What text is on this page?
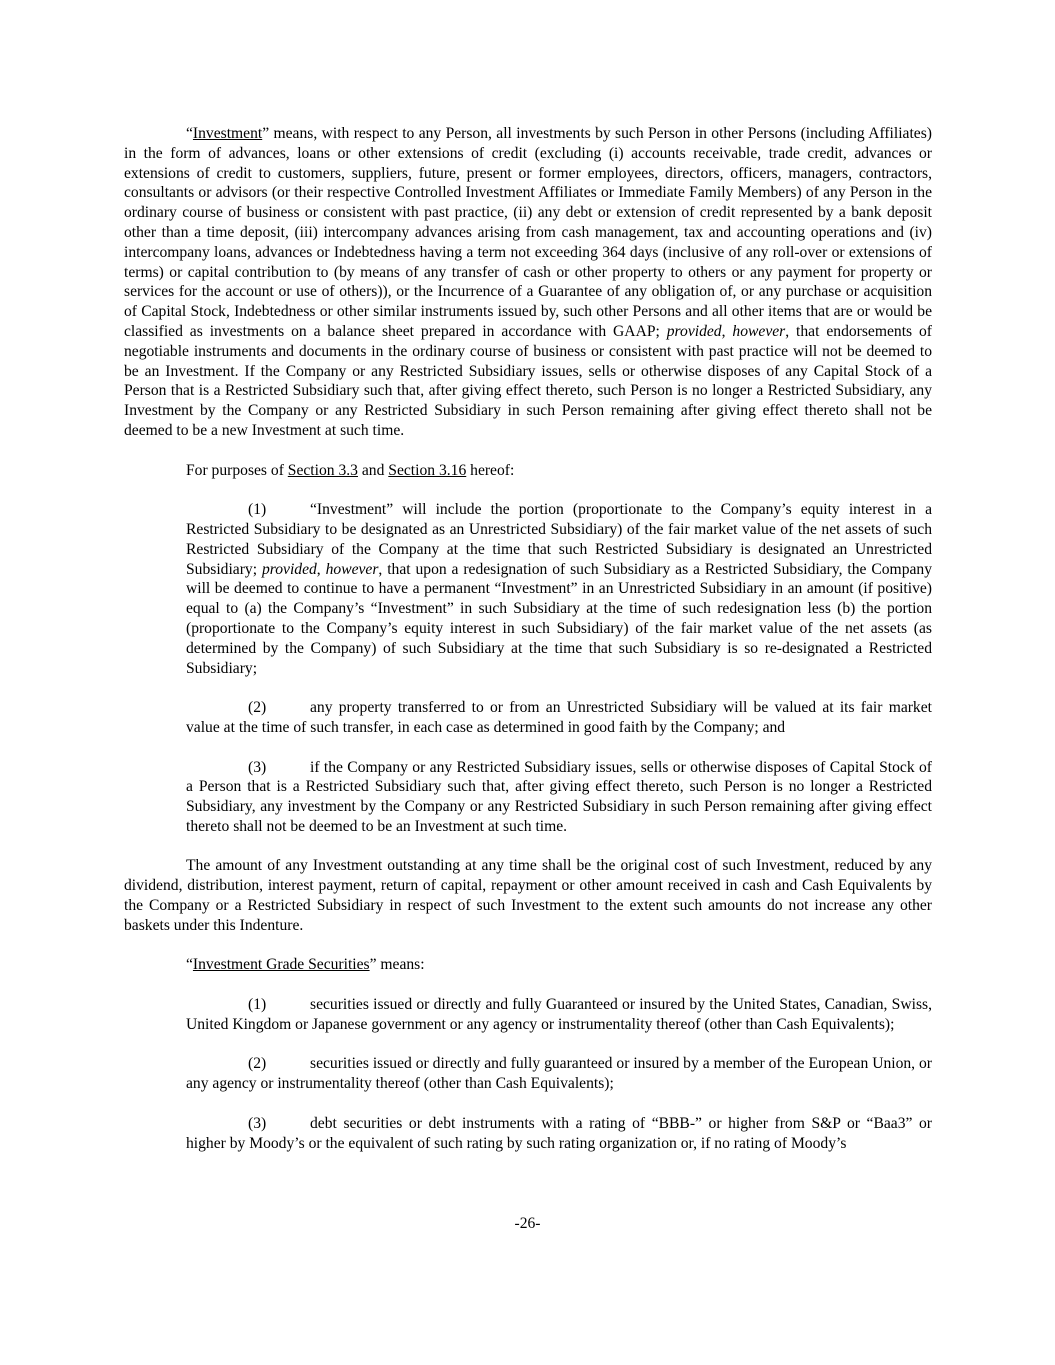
“Investment” means, with respect to any Person, all investments by such Person in other Persons (including Affiliates) in the form of advances, loans or other extensions of credit (excluding (i) accounts receivable, trade credit, advances or extensions of credit to customers, suppliers, future, present or former employees, directors, officers, managers, contractors, consultants or advisors (or their respective Controlled Investment Affiliates or Immediate Family Members) of any Person in the ordinary course of business or consistent with past practice, (ii) any debt or extension of credit represented by a bank deposit other than a time deposit, (iii) intercompany advances arising from cash management, tax and accounting operations and (iv) intercompany loans, advances or Indebtedness having a term not exceeding 364 days (inclusive of any roll-over or extensions of terms) or capital contribution to (by means of any transfer of cash or other property to others or any payment for property or services for the account or use of others)), or the Incurrence of a Guarantee of any obligation of, or any purchase or acquisition of Capital Stock, Indebtedness or other similar instruments issued by, such other Persons and all other items that are or would be classified as investments on a balance sheet prepared in accordance with GAAP; provided, however, that endorsements of negotiable instruments and documents in the ordinary course of business or consistent with past practice will not be deemed to be an Investment. If the Company or any Restricted Subsidiary issues, sells or otherwise disposes of any Capital Stock of a Person that is a Restricted Subsidiary such that, after giving effect thereto, such Person is no longer a Restricted Subsidiary, any Investment by the Company or any Restricted Subsidiary in such Person remaining after giving effect thereto shall not be deemed to be a new Investment at such time.

For purposes of Section 3.3 and Section 3.16 hereof:

(1)	“Investment” will include the portion (proportionate to the Company’s equity interest in a Restricted Subsidiary to be designated as an Unrestricted Subsidiary) of the fair market value of the net assets of such Restricted Subsidiary of the Company at the time that such Restricted Subsidiary is designated an Unrestricted Subsidiary; provided, however, that upon a redesignation of such Subsidiary as a Restricted Subsidiary, the Company will be deemed to continue to have a permanent “Investment” in an Unrestricted Subsidiary in an amount (if positive) equal to (a) the Company’s “Investment” in such Subsidiary at the time of such redesignation less (b) the portion (proportionate to the Company’s equity interest in such Subsidiary) of the fair market value of the net assets (as determined by the Company) of such Subsidiary at the time that such Subsidiary is so re-designated a Restricted Subsidiary;

(2)	any property transferred to or from an Unrestricted Subsidiary will be valued at its fair market value at the time of such transfer, in each case as determined in good faith by the Company; and

(3)	if the Company or any Restricted Subsidiary issues, sells or otherwise disposes of Capital Stock of a Person that is a Restricted Subsidiary such that, after giving effect thereto, such Person is no longer a Restricted Subsidiary, any investment by the Company or any Restricted Subsidiary in such Person remaining after giving effect thereto shall not be deemed to be an Investment at such time.

The amount of any Investment outstanding at any time shall be the original cost of such Investment, reduced by any dividend, distribution, interest payment, return of capital, repayment or other amount received in cash and Cash Equivalents by the Company or a Restricted Subsidiary in respect of such Investment to the extent such amounts do not increase any other baskets under this Indenture.

“Investment Grade Securities” means:

(1)	securities issued or directly and fully Guaranteed or insured by the United States, Canadian, Swiss, United Kingdom or Japanese government or any agency or instrumentality thereof (other than Cash Equivalents);

(2)	securities issued or directly and fully guaranteed or insured by a member of the European Union, or any agency or instrumentality thereof (other than Cash Equivalents);

(3)	debt securities or debt instruments with a rating of “BBB-” or higher from S&P or “Baa3” or higher by Moody’s or the equivalent of such rating by such rating organization or, if no rating of Moody’s

-26-
